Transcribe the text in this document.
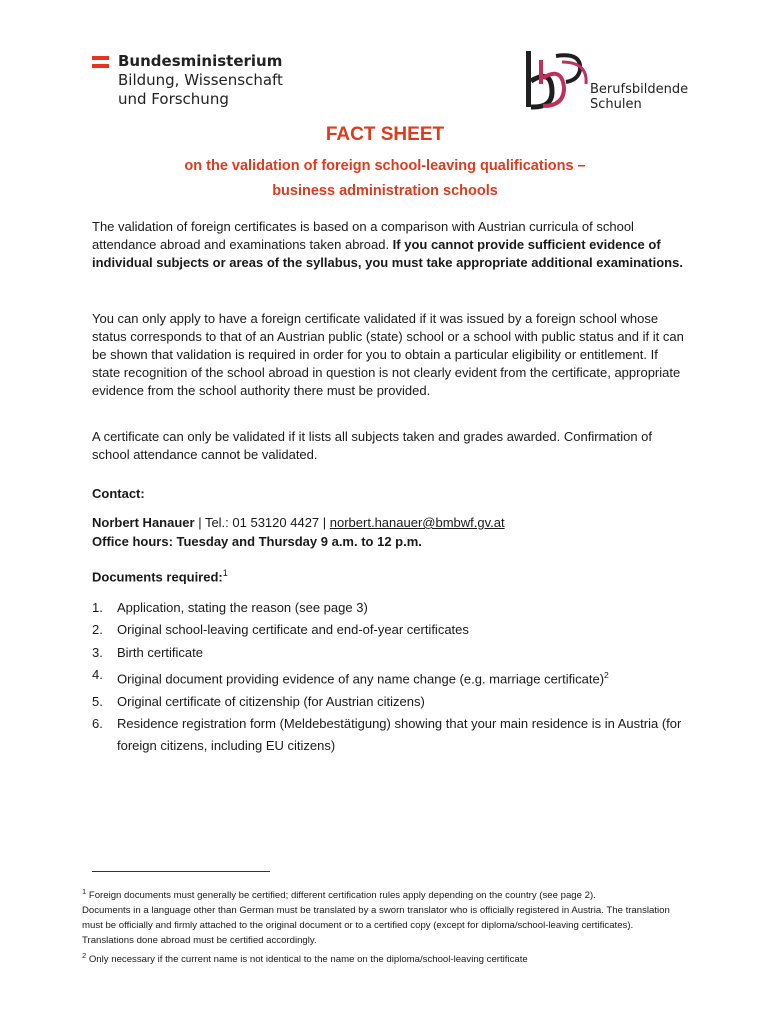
Bundesministerium
Bildung, Wissenschaft
und Forschung
Berufsbildende
Schulen
FACT SHEET
on the validation of foreign school-leaving qualifications –
business administration schools
The validation of foreign certificates is based on a comparison with Austrian curricula of school attendance abroad and examinations taken abroad. If you cannot provide sufficient evidence of individual subjects or areas of the syllabus, you must take appropriate additional examinations.
You can only apply to have a foreign certificate validated if it was issued by a foreign school whose status corresponds to that of an Austrian public (state) school or a school with public status and if it can be shown that validation is required in order for you to obtain a particular eligibility or entitlement. If state recognition of the school abroad in question is not clearly evident from the certificate, appropriate evidence from the school authority there must be provided.
A certificate can only be validated if it lists all subjects taken and grades awarded. Confirmation of school attendance cannot be validated.
Contact:
Norbert Hanauer | Tel.: 01 53120 4427 | norbert.hanauer@bmbwf.gv.at
Office hours: Tuesday and Thursday 9 a.m. to 12 p.m.
Documents required:$^1$
1. Application, stating the reason (see page 3)
2. Original school-leaving certificate and end-of-year certificates
3. Birth certificate
4. Original document providing evidence of any name change (e.g. marriage certificate)$^2$
5. Original certificate of citizenship (for Austrian citizens)
6. Residence registration form (Meldebestätigung) showing that your main residence is in Austria (for foreign citizens, including EU citizens)

$^1$ Foreign documents must generally be certified; different certification rules apply depending on the country (see page 2).

Documents in a language other than German must be translated by a sworn translator who is officially registered in Austria. The translation must be officially and firmly attached to the original document or to a certified copy (except for diploma/school-leaving certificates). Translations done abroad must be certified accordingly.

$^2$ Only necessary if the current name is not identical to the name on the diploma/school-leaving certificate
